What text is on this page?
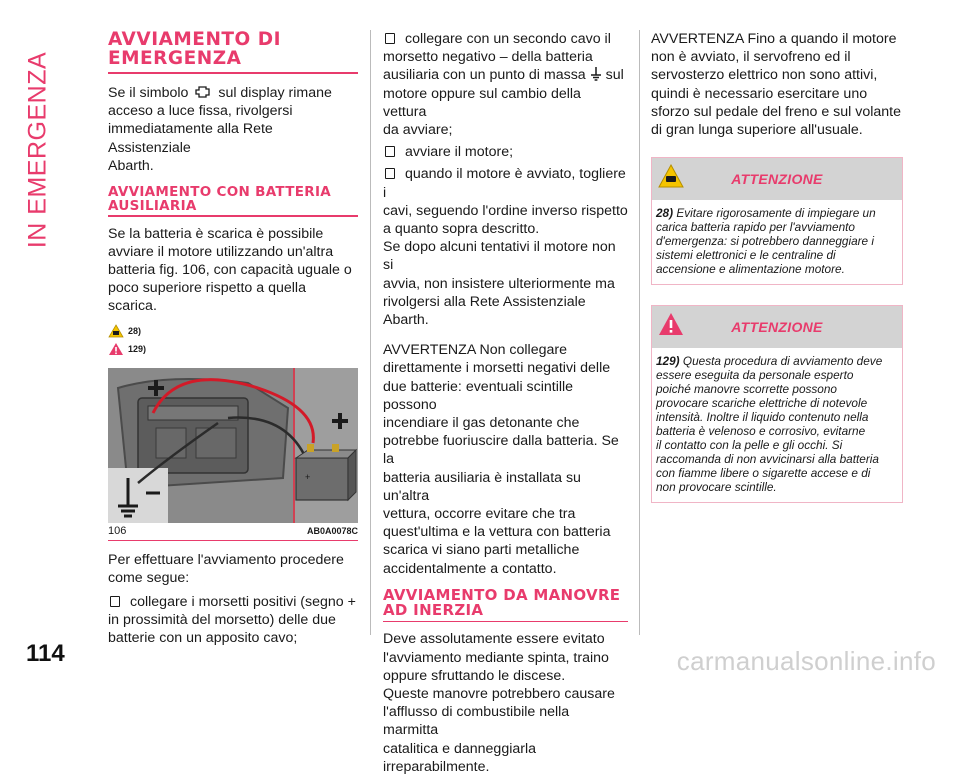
IN EMERGENZA
AVVIAMENTO DI EMERGENZA

Se il simbolo sul display rimane
acceso a luce fissa, rivolgersi
immediatamente alla Rete Assistenziale
Abarth.

AVVIAMENTO CON BATTERIA AUSILIARIA

Se la batteria è scarica è possibile
avviare il motore utilizzando un'altra
batteria fig. 106, con capacità uguale o
poco superiore rispetto a quella
scarica.

28)
129)
+
106	AB0A0078C

Per effettuare l'avviamento procedere
come segue:

collegare i morsetti positivi (segno +
in prossimità del morsetto) delle due
batterie con un apposito cavo;

collegare con un secondo cavo il
morsetto negativo – della batteria
ausiliaria con un punto di massa sul
motore oppure sul cambio della vettura
da avviare;

avviare il motore;

quando il motore è avviato, togliere i
cavi, seguendo l'ordine inverso rispetto
a quanto sopra descritto.
Se dopo alcuni tentativi il motore non si
avvia, non insistere ulteriormente ma
rivolgersi alla Rete Assistenziale Abarth.

AVVERTENZA Non collegare
direttamente i morsetti negativi delle
due batterie: eventuali scintille possono
incendiare il gas detonante che
potrebbe fuoriuscire dalla batteria. Se la
batteria ausiliaria è installata su un'altra
vettura, occorre evitare che tra
quest'ultima e la vettura con batteria
scarica vi siano parti metalliche
accidentalmente a contatto.

AVVIAMENTO DA MANOVRE AD INERZIA

Deve assolutamente essere evitato
l'avviamento mediante spinta, traino
oppure sfruttando le discese.
Queste manovre potrebbero causare
l'afflusso di combustibile nella marmitta
catalitica e danneggiarla
irreparabilmente.

AVVERTENZA Fino a quando il motore
non è avviato, il servofreno ed il
servosterzo elettrico non sono attivi,
quindi è necessario esercitare uno
sforzo sul pedale del freno e sul volante
di gran lunga superiore all'usuale.

ATTENZIONE
28) Evitare rigorosamente di impiegare un
carica batteria rapido per l'avviamento
d'emergenza: si potrebbero danneggiare i
sistemi elettronici e le centraline di
accensione e alimentazione motore.
ATTENZIONE
129) Questa procedura di avviamento deve
essere eseguita da personale esperto
poiché manovre scorrette possono
provocare scariche elettriche di notevole
intensità. Inoltre il liquido contenuto nella
batteria è velenoso e corrosivo, evitarne
il contatto con la pelle e gli occhi. Si
raccomanda di non avvicinarsi alla batteria
con fiamme libere o sigarette accese e di
non provocare scintille.
114	carmanualsonline.info
